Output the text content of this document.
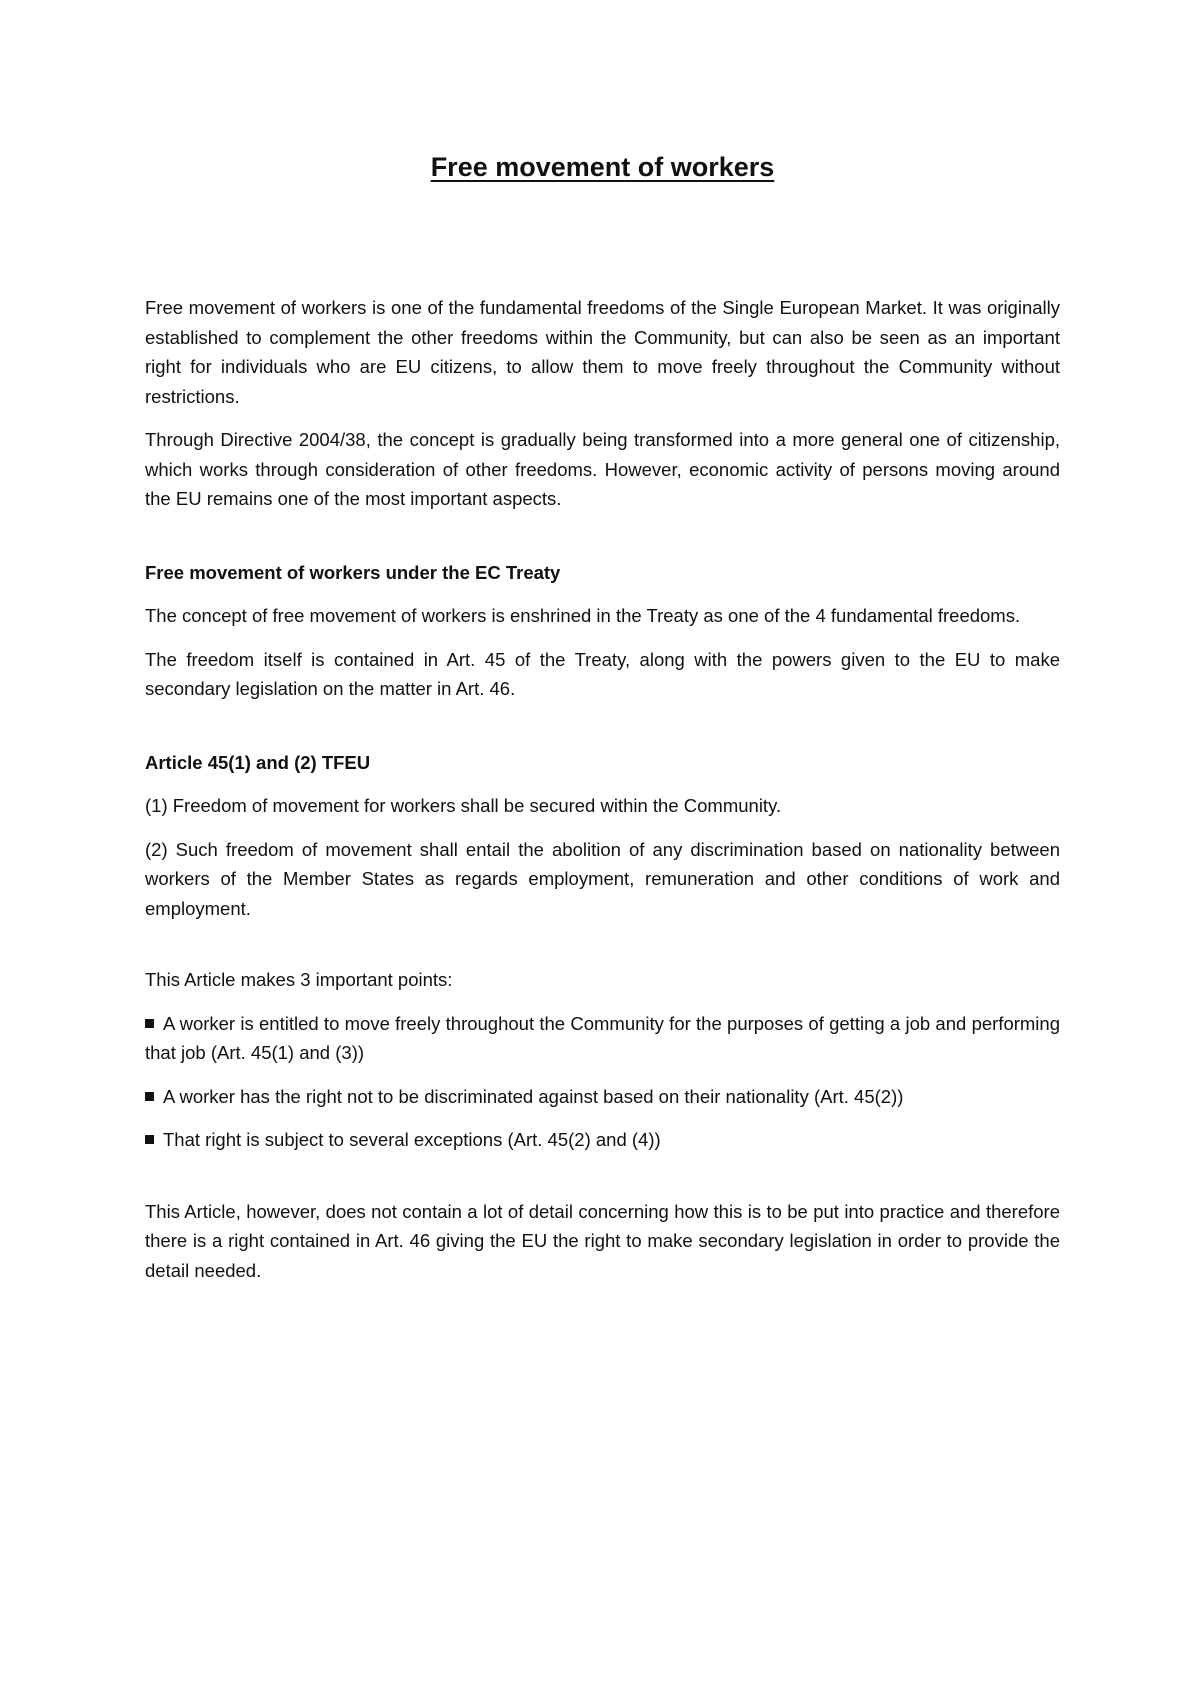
Free movement of workers

Free movement of workers is one of the fundamental freedoms of the Single European Market. It was originally established to complement the other freedoms within the Community, but can also be seen as an important right for individuals who are EU citizens, to allow them to move freely throughout the Community without restrictions.

Through Directive 2004/38, the concept is gradually being transformed into a more general one of citizenship, which works through consideration of other freedoms. However, economic activity of persons moving around the EU remains one of the most important aspects.

Free movement of workers under the EC Treaty

The concept of free movement of workers is enshrined in the Treaty as one of the 4 fundamental freedoms.

The freedom itself is contained in Art. 45 of the Treaty, along with the powers given to the EU to make secondary legislation on the matter in Art. 46.

Article 45(1) and (2) TFEU

(1) Freedom of movement for workers shall be secured within the Community.

(2) Such freedom of movement shall entail the abolition of any discrimination based on nationality between workers of the Member States as regards employment, remuneration and other conditions of work and employment.

This Article makes 3 important points:

A worker is entitled to move freely throughout the Community for the purposes of getting a job and performing that job (Art. 45(1) and (3))

A worker has the right not to be discriminated against based on their nationality (Art. 45(2))

That right is subject to several exceptions (Art. 45(2) and (4))

This Article, however, does not contain a lot of detail concerning how this is to be put into practice and therefore there is a right contained in Art. 46 giving the EU the right to make secondary legislation in order to provide the detail needed.
